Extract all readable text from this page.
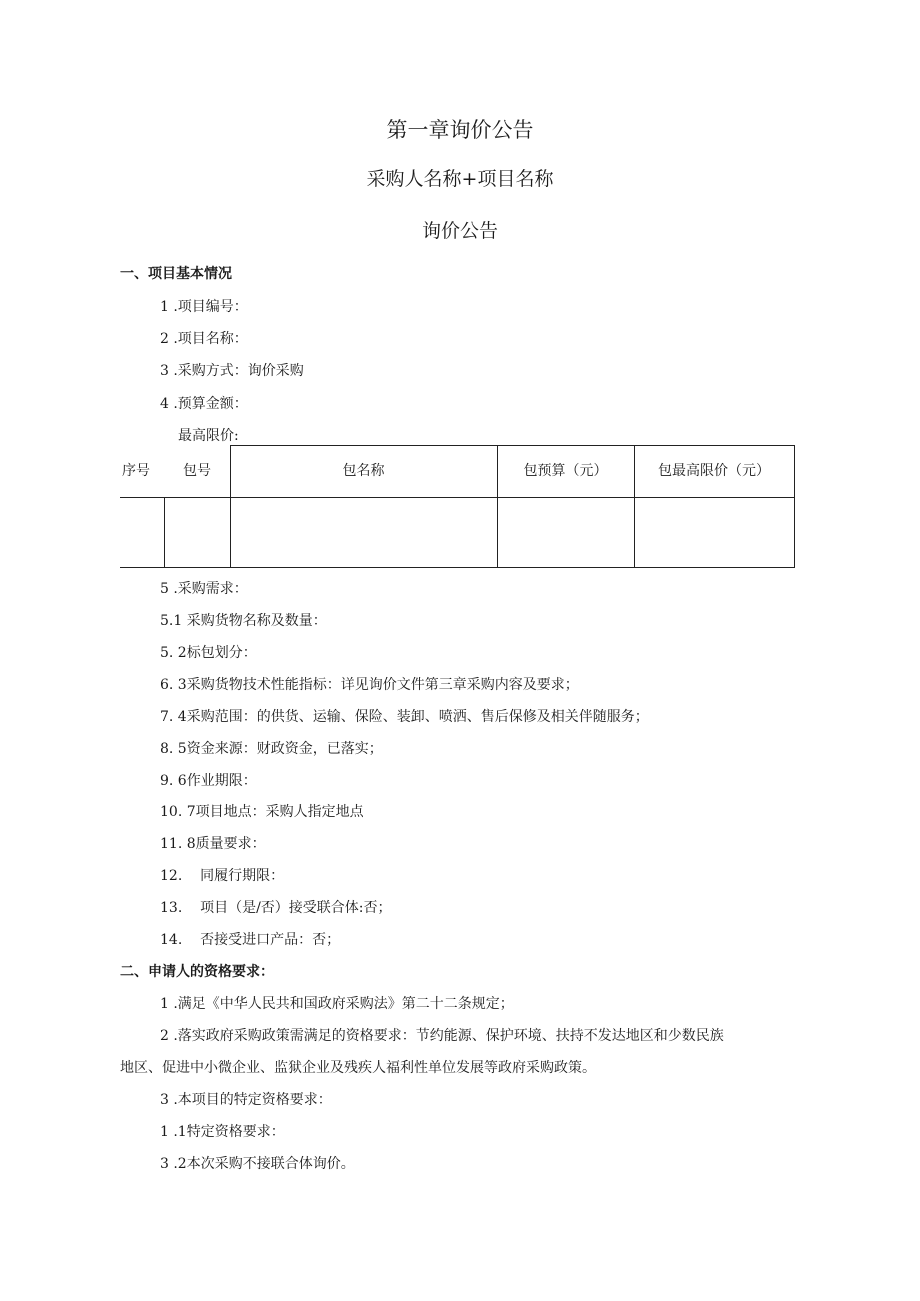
第一章询价公告
采购人名称+项目名称
询价公告
一、项目基本情况
1 .项目编号：
2 .项目名称：
3 .采购方式：询价采购
4 .预算金额：
最高限价:
序号	包号	包名称	包预算（元）	包最高限价（元）
5 .采购需求：
5.1 采购货物名称及数量：
5. 2标包划分：
6. 3采购货物技术性能指标：详见询价文件第三章采购内容及要求；
7. 4采购范围：的供货、运输、保险、装卸、喷洒、售后保修及相关伴随服务；
8. 5资金来源：财政资金，已落实；
9. 6作业期限：
10. 7项目地点：采购人指定地点
11. 8质量要求：
12.    同履行期限：
13.    项目（是/否）接受联合体:否；
14.    否接受进口产品：否；
二、申请人的资格要求：
1 .满足《中华人民共和国政府采购法》第二十二条规定；
2 .落实政府采购政策需满足的资格要求：节约能源、保护环境、扶持不发达地区和少数民族
地区、促进中小微企业、监狱企业及残疾人福利性单位发展等政府采购政策。
3 .本项目的特定资格要求：
1 .1特定资格要求：
3 .2本次采购不接联合体询价。
